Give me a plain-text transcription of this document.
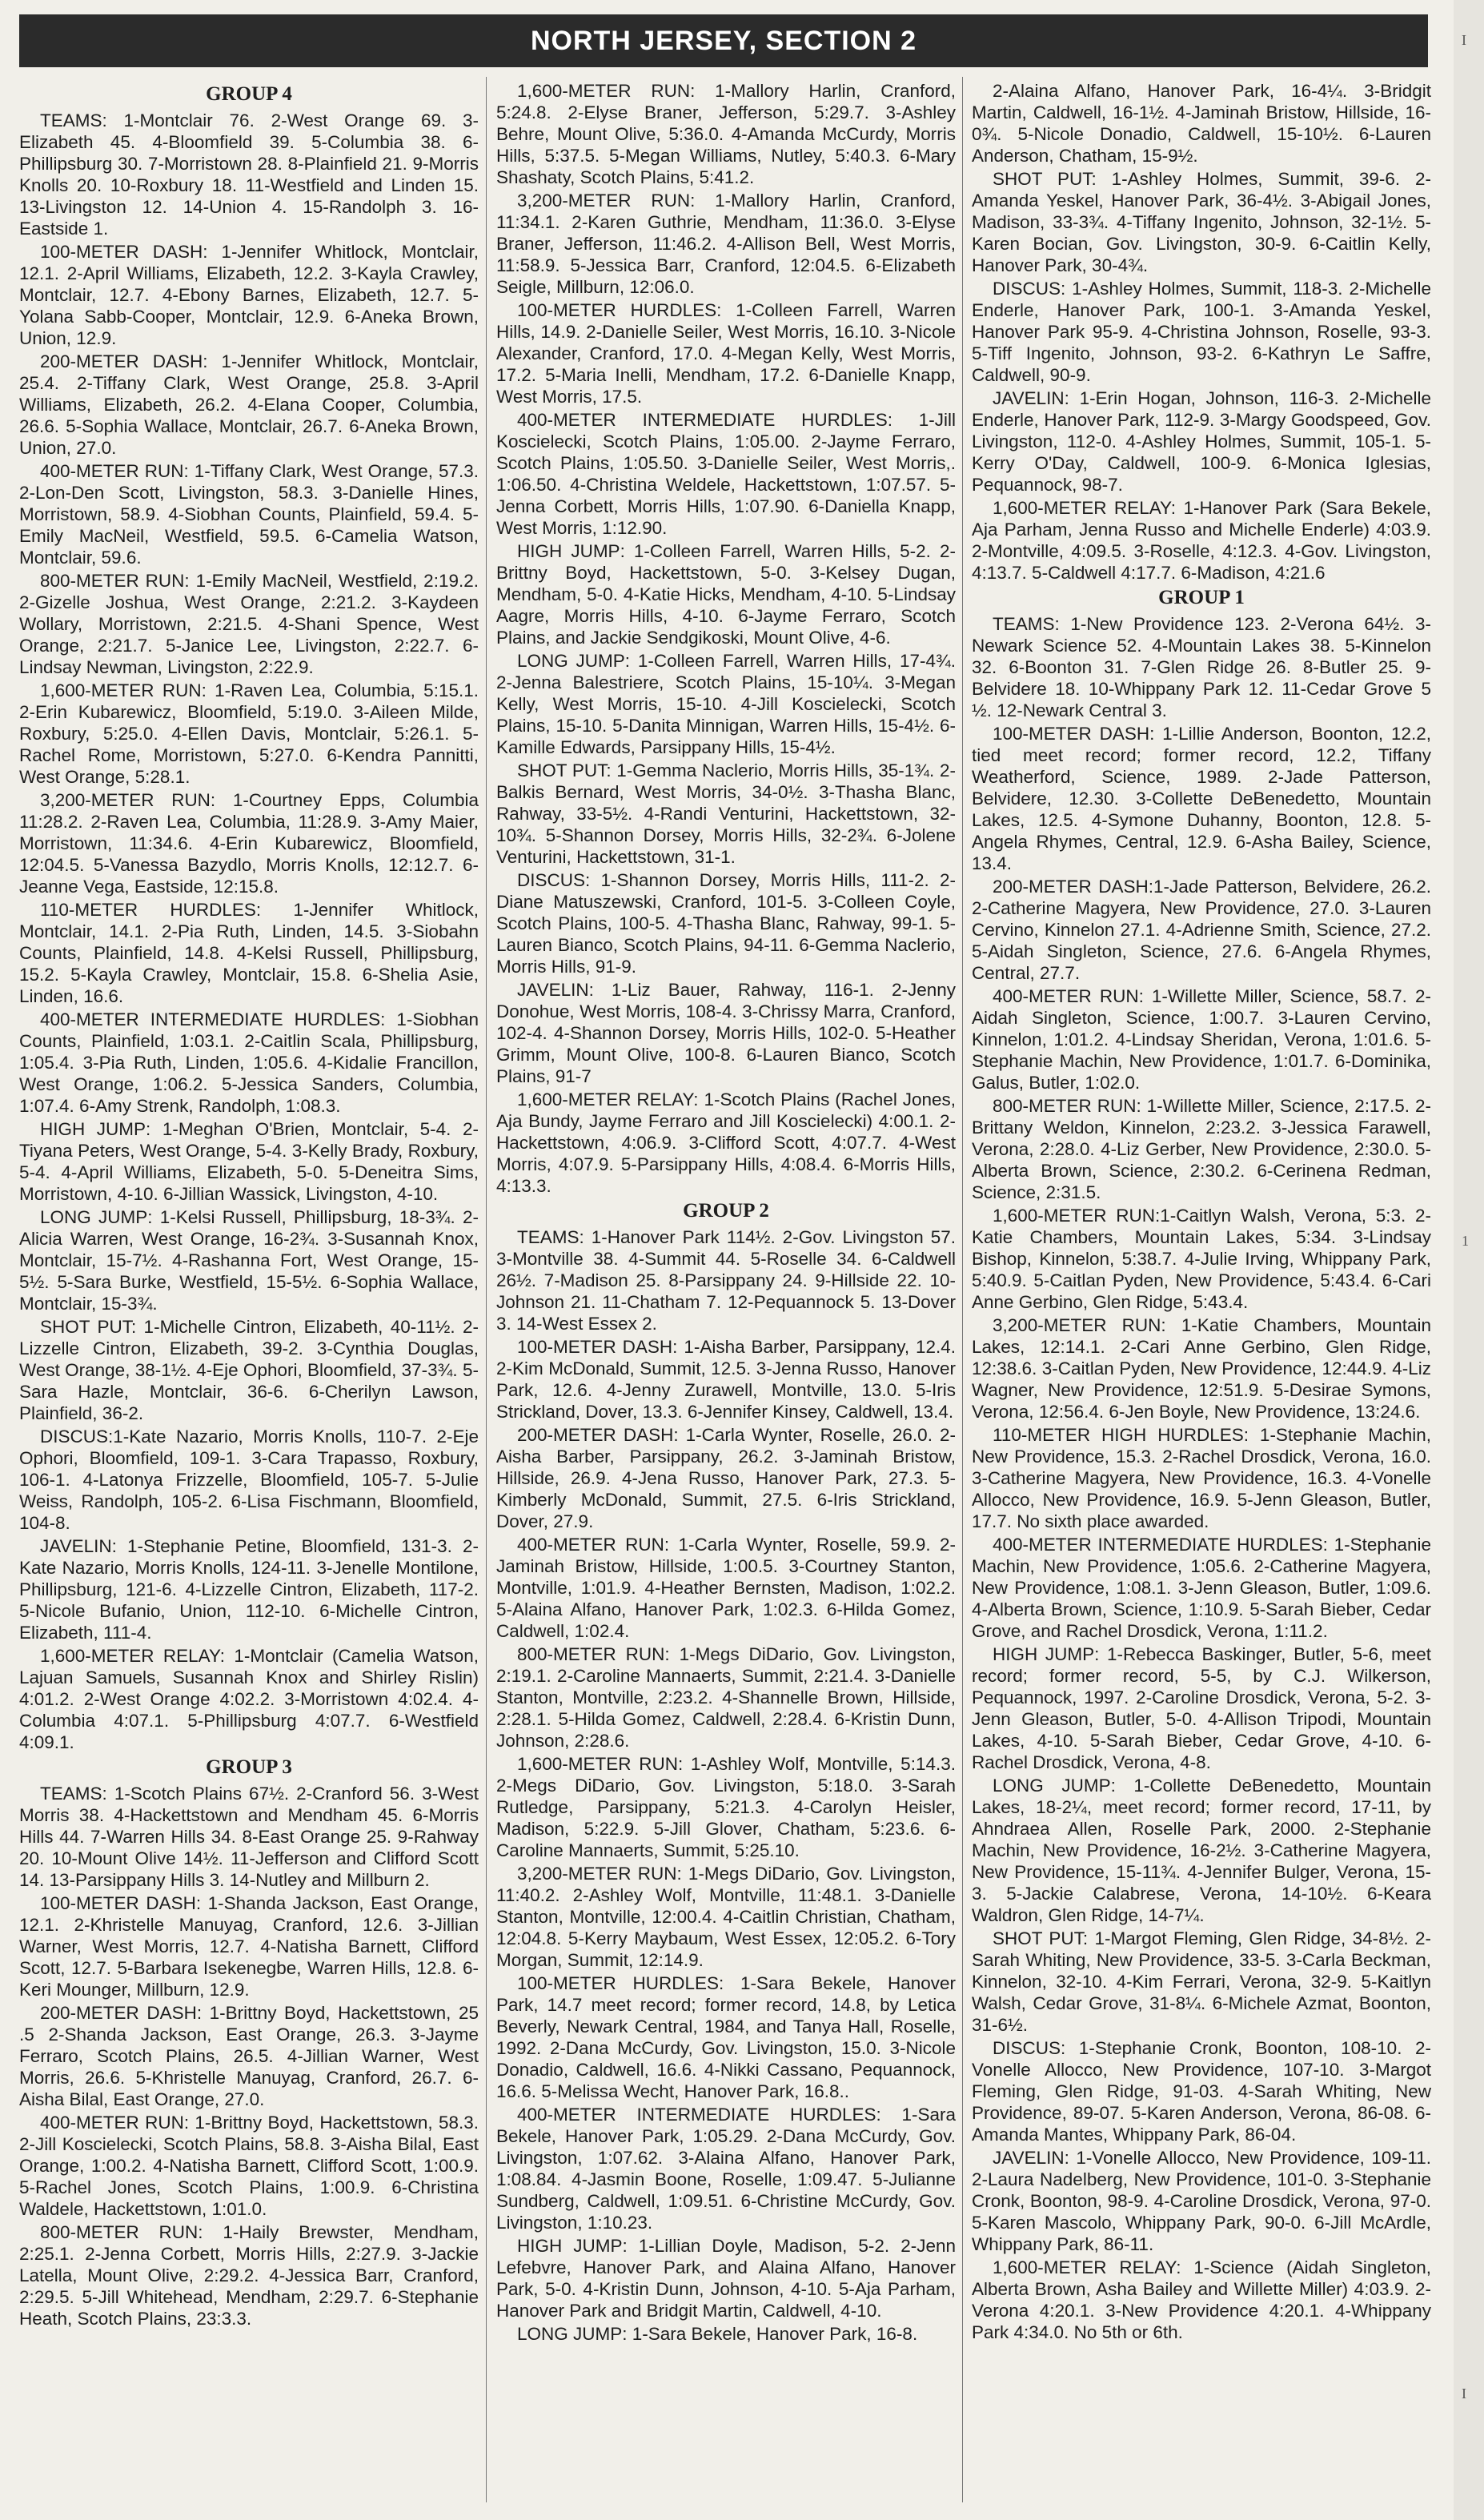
NORTH JERSEY, SECTION 2
GROUP 4
TEAMS: 1-Montclair 76. 2-West Orange 69. 3-Elizabeth 45. 4-Bloomfield 39. 5-Columbia 38. 6-Phillipsburg 30. 7-Morristown 28. 8-Plainfield 21. 9-Morris Knolls 20. 10-Roxbury 18. 11-Westfield and Linden 15. 13-Livingston 12. 14-Union 4. 15-Randolph 3. 16-Eastside 1.
100-METER DASH: 1-Jennifer Whitlock, Montclair, 12.1. 2-April Williams, Elizabeth, 12.2. 3-Kayla Crawley, Montclair, 12.7. 4-Ebony Barnes, Elizabeth, 12.7. 5-Yolana Sabb-Cooper, Montclair, 12.9. 6-Aneka Brown, Union, 12.9.
200-METER DASH: 1-Jennifer Whitlock, Montclair, 25.4. 2-Tiffany Clark, West Orange, 25.8. 3-April Williams, Elizabeth, 26.2. 4-Elana Cooper, Columbia, 26.6. 5-Sophia Wallace, Montclair, 26.7. 6-Aneka Brown, Union, 27.0.
400-METER RUN: 1-Tiffany Clark, West Orange, 57.3. 2-Lon-Den Scott, Livingston, 58.3. 3-Danielle Hines, Morristown, 58.9. 4-Siobhan Counts, Plainfield, 59.4. 5-Emily MacNeil, Westfield, 59.5. 6-Camelia Watson, Montclair, 59.6.
800-METER RUN: 1-Emily MacNeil, Westfield, 2:19.2. 2-Gizelle Joshua, West Orange, 2:21.2. 3-Kaydeen Wollary, Morristown, 2:21.5. 4-Shani Spence, West Orange, 2:21.7. 5-Janice Lee, Livingston, 2:22.7. 6-Lindsay Newman, Livingston, 2:22.9.
1,600-METER RUN: 1-Raven Lea, Columbia, 5:15.1. 2-Erin Kubarewicz, Bloomfield, 5:19.0. 3-Aileen Milde, Roxbury, 5:25.0. 4-Ellen Davis, Montclair, 5:26.1. 5-Rachel Rome, Morristown, 5:27.0. 6-Kendra Pannitti, West Orange, 5:28.1.
3,200-METER RUN: 1-Courtney Epps, Columbia 11:28.2. 2-Raven Lea, Columbia, 11:28.9. 3-Amy Maier, Morristown, 11:34.6. 4-Erin Kubarewicz, Bloomfield, 12:04.5. 5-Vanessa Bazydlo, Morris Knolls, 12:12.7. 6-Jeanne Vega, Eastside, 12:15.8.
110-METER HURDLES: 1-Jennifer Whitlock, Montclair, 14.1. 2-Pia Ruth, Linden, 14.5. 3-Siobahn Counts, Plainfield, 14.8. 4-Kelsi Russell, Phillipsburg, 15.2. 5-Kayla Crawley, Montclair, 15.8. 6-Shelia Asie, Linden, 16.6.
400-METER INTERMEDIATE HURDLES: 1-Siobhan Counts, Plainfield, 1:03.1. 2-Caitlin Scala, Phillipsburg, 1:05.4. 3-Pia Ruth, Linden, 1:05.6. 4-Kidalie Francillon, West Orange, 1:06.2. 5-Jessica Sanders, Columbia, 1:07.4. 6-Amy Strenk, Randolph, 1:08.3.
HIGH JUMP: 1-Meghan O'Brien, Montclair, 5-4. 2-Tiyana Peters, West Orange, 5-4. 3-Kelly Brady, Roxbury, 5-4. 4-April Williams, Elizabeth, 5-0. 5-Deneitra Sims, Morristown, 4-10. 6-Jillian Wassick, Livingston, 4-10.
LONG JUMP: 1-Kelsi Russell, Phillipsburg, 18-3¾. 2-Alicia Warren, West Orange, 16-2¾. 3-Susannah Knox, Montclair, 15-7½. 4-Rashanna Fort, West Orange, 15-5½. 5-Sara Burke, Westfield, 15-5½. 6-Sophia Wallace, Montclair, 15-3¾.
SHOT PUT: 1-Michelle Cintron, Elizabeth, 40-11½. 2-Lizzelle Cintron, Elizabeth, 39-2. 3-Cynthia Douglas, West Orange, 38-1½. 4-Eje Ophori, Bloomfield, 37-3¾. 5-Sara Hazle, Montclair, 36-6. 6-Cherilyn Lawson, Plainfield, 36-2.
DISCUS:1-Kate Nazario, Morris Knolls, 110-7. 2-Eje Ophori, Bloomfield, 109-1. 3-Cara Trapasso, Roxbury, 106-1. 4-Latonya Frizzelle, Bloomfield, 105-7. 5-Julie Weiss, Randolph, 105-2. 6-Lisa Fischmann, Bloomfield, 104-8.
JAVELIN: 1-Stephanie Petine, Bloomfield, 131-3. 2-Kate Nazario, Morris Knolls, 124-11. 3-Jenelle Montilone, Phillipsburg, 121-6. 4-Lizzelle Cintron, Elizabeth, 117-2. 5-Nicole Bufanio, Union, 112-10. 6-Michelle Cintron, Elizabeth, 111-4.
1,600-METER RELAY: 1-Montclair (Camelia Watson, Lajuan Samuels, Susannah Knox and Shirley Rislin) 4:01.2. 2-West Orange 4:02.2. 3-Morristown 4:02.4. 4-Columbia 4:07.1. 5-Phillipsburg 4:07.7. 6-Westfield 4:09.1.
GROUP 3
TEAMS: 1-Scotch Plains 67½. 2-Cranford 56. 3-West Morris 38. 4-Hackettstown and Mendham 45. 6-Morris Hills 44. 7-Warren Hills 34. 8-East Orange 25. 9-Rahway 20. 10-Mount Olive 14½. 11-Jefferson and Clifford Scott 14. 13-Parsippany Hills 3. 14-Nutley and Millburn 2.
100-METER DASH: 1-Shanda Jackson, East Orange, 12.1. 2-Khristelle Manuyag, Cranford, 12.6. 3-Jillian Warner, West Morris, 12.7. 4-Natisha Barnett, Clifford Scott, 12.7. 5-Barbara Isekenegbe, Warren Hills, 12.8. 6-Keri Mounger, Millburn, 12.9.
200-METER DASH: 1-Brittny Boyd, Hackettstown, 25 .5 2-Shanda Jackson, East Orange, 26.3. 3-Jayme Ferraro, Scotch Plains, 26.5. 4-Jillian Warner, West Morris, 26.6. 5-Khristelle Manuyag, Cranford, 26.7. 6-Aisha Bilal, East Orange, 27.0.
400-METER RUN: 1-Brittny Boyd, Hackettstown, 58.3. 2-Jill Koscielecki, Scotch Plains, 58.8. 3-Aisha Bilal, East Orange, 1:00.2. 4-Natisha Barnett, Clifford Scott, 1:00.9. 5-Rachel Jones, Scotch Plains, 1:00.9. 6-Christina Waldele, Hackettstown, 1:01.0.
800-METER RUN: 1-Haily Brewster, Mendham, 2:25.1. 2-Jenna Corbett, Morris Hills, 2:27.9. 3-Jackie Latella, Mount Olive, 2:29.2. 4-Jessica Barr, Cranford, 2:29.5. 5-Jill Whitehead, Mendham, 2:29.7. 6-Stephanie Heath, Scotch Plains, 23:3.3.
1,600-METER RUN: 1-Mallory Harlin, Cranford, 5:24.8. 2-Elyse Braner, Jefferson, 5:29.7. 3-Ashley Behre, Mount Olive, 5:36.0. 4-Amanda McCurdy, Morris Hills, 5:37.5. 5-Megan Williams, Nutley, 5:40.3. 6-Mary Shashaty, Scotch Plains, 5:41.2.
3,200-METER RUN: 1-Mallory Harlin, Cranford, 11:34.1. 2-Karen Guthrie, Mendham, 11:36.0. 3-Elyse Braner, Jefferson, 11:46.2. 4-Allison Bell, West Morris, 11:58.9. 5-Jessica Barr, Cranford, 12:04.5. 6-Elizabeth Seigle, Millburn, 12:06.0.
100-METER HURDLES: 1-Colleen Farrell, Warren Hills, 14.9. 2-Danielle Seiler, West Morris, 16.10. 3-Nicole Alexander, Cranford, 17.0. 4-Megan Kelly, West Morris, 17.2. 5-Maria Inelli, Mendham, 17.2. 6-Danielle Knapp, West Morris, 17.5.
400-METER INTERMEDIATE HURDLES: 1-Jill Koscielecki, Scotch Plains, 1:05.00. 2-Jayme Ferraro, Scotch Plains, 1:05.50. 3-Danielle Seiler, West Morris,. 1:06.50. 4-Christina Weldele, Hackettstown, 1:07.57. 5-Jenna Corbett, Morris Hills, 1:07.90. 6-Daniella Knapp, West Morris, 1:12.90.
HIGH JUMP: 1-Colleen Farrell, Warren Hills, 5-2. 2-Brittny Boyd, Hackettstown, 5-0. 3-Kelsey Dugan, Mendham, 5-0. 4-Katie Hicks, Mendham, 4-10. 5-Lindsay Aagre, Morris Hills, 4-10. 6-Jayme Ferraro, Scotch Plains, and Jackie Sendgikoski, Mount Olive, 4-6.
LONG JUMP: 1-Colleen Farrell, Warren Hills, 17-4¾. 2-Jenna Balestriere, Scotch Plains, 15-10¼. 3-Megan Kelly, West Morris, 15-10. 4-Jill Koscielecki, Scotch Plains, 15-10. 5-Danita Minnigan, Warren Hills, 15-4½. 6-Kamille Edwards, Parsippany Hills, 15-4½.
SHOT PUT: 1-Gemma Naclerio, Morris Hills, 35-1¾. 2-Balkis Bernard, West Morris, 34-0½. 3-Thasha Blanc, Rahway, 33-5½. 4-Randi Venturini, Hackettstown, 32-10¾. 5-Shannon Dorsey, Morris Hills, 32-2¾. 6-Jolene Venturini, Hackettstown, 31-1.
DISCUS: 1-Shannon Dorsey, Morris Hills, 111-2. 2-Diane Matuszewski, Cranford, 101-5. 3-Colleen Coyle, Scotch Plains, 100-5. 4-Thasha Blanc, Rahway, 99-1. 5-Lauren Bianco, Scotch Plains, 94-11. 6-Gemma Naclerio, Morris Hills, 91-9.
JAVELIN: 1-Liz Bauer, Rahway, 116-1. 2-Jenny Donohue, West Morris, 108-4. 3-Chrissy Marra, Cranford, 102-4. 4-Shannon Dorsey, Morris Hills, 102-0. 5-Heather Grimm, Mount Olive, 100-8. 6-Lauren Bianco, Scotch Plains, 91-7
1,600-METER RELAY: 1-Scotch Plains (Rachel Jones, Aja Bundy, Jayme Ferraro and Jill Koscielecki) 4:00.1. 2-Hackettstown, 4:06.9. 3-Clifford Scott, 4:07.7. 4-West Morris, 4:07.9. 5-Parsippany Hills, 4:08.4. 6-Morris Hills, 4:13.3.
GROUP 2
TEAMS: 1-Hanover Park 114½. 2-Gov. Livingston 57. 3-Montville 38. 4-Summit 44. 5-Roselle 34. 6-Caldwell 26½. 7-Madison 25. 8-Parsippany 24. 9-Hillside 22. 10-Johnson 21. 11-Chatham 7. 12-Pequannock 5. 13-Dover 3. 14-West Essex 2.
100-METER DASH: 1-Aisha Barber, Parsippany, 12.4. 2-Kim McDonald, Summit, 12.5. 3-Jenna Russo, Hanover Park, 12.6. 4-Jenny Zurawell, Montville, 13.0. 5-Iris Strickland, Dover, 13.3. 6-Jennifer Kinsey, Caldwell, 13.4.
200-METER DASH: 1-Carla Wynter, Roselle, 26.0. 2-Aisha Barber, Parsippany, 26.2. 3-Jaminah Bristow, Hillside, 26.9. 4-Jena Russo, Hanover Park, 27.3. 5-Kimberly McDonald, Summit, 27.5. 6-Iris Strickland, Dover, 27.9.
400-METER RUN: 1-Carla Wynter, Roselle, 59.9. 2-Jaminah Bristow, Hillside, 1:00.5. 3-Courtney Stanton, Montville, 1:01.9. 4-Heather Bernsten, Madison, 1:02.2. 5-Alaina Alfano, Hanover Park, 1:02.3. 6-Hilda Gomez, Caldwell, 1:02.4.
800-METER RUN: 1-Megs DiDario, Gov. Livingston, 2:19.1. 2-Caroline Mannaerts, Summit, 2:21.4. 3-Danielle Stanton, Montville, 2:23.2. 4-Shannelle Brown, Hillside, 2:28.1. 5-Hilda Gomez, Caldwell, 2:28.4. 6-Kristin Dunn, Johnson, 2:28.6.
1,600-METER RUN: 1-Ashley Wolf, Montville, 5:14.3. 2-Megs DiDario, Gov. Livingston, 5:18.0. 3-Sarah Rutledge, Parsippany, 5:21.3. 4-Carolyn Heisler, Madison, 5:22.9. 5-Jill Glover, Chatham, 5:23.6. 6-Caroline Mannaerts, Summit, 5:25.10.
3,200-METER RUN: 1-Megs DiDario, Gov. Livingston, 11:40.2. 2-Ashley Wolf, Montville, 11:48.1. 3-Danielle Stanton, Montville, 12:00.4. 4-Caitlin Christian, Chatham, 12:04.8. 5-Kerry Maybaum, West Essex, 12:05.2. 6-Tory Morgan, Summit, 12:14.9.
100-METER HURDLES: 1-Sara Bekele, Hanover Park, 14.7 meet record; former record, 14.8, by Letica Beverly, Newark Central, 1984, and Tanya Hall, Roselle, 1992. 2-Dana McCurdy, Gov. Livingston, 15.0. 3-Nicole Donadio, Caldwell, 16.6. 4-Nikki Cassano, Pequannock, 16.6. 5-Melissa Wecht, Hanover Park, 16.8..
400-METER INTERMEDIATE HURDLES: 1-Sara Bekele, Hanover Park, 1:05.29. 2-Dana McCurdy, Gov. Livingston, 1:07.62. 3-Alaina Alfano, Hanover Park, 1:08.84. 4-Jasmin Boone, Roselle, 1:09.47. 5-Julianne Sundberg, Caldwell, 1:09.51. 6-Christine McCurdy, Gov. Livingston, 1:10.23.
HIGH JUMP: 1-Lillian Doyle, Madison, 5-2. 2-Jenn Lefebvre, Hanover Park, and Alaina Alfano, Hanover Park, 5-0. 4-Kristin Dunn, Johnson, 4-10. 5-Aja Parham, Hanover Park and Bridgit Martin, Caldwell, 4-10.
LONG JUMP: 1-Sara Bekele, Hanover Park, 16-8.
2-Alaina Alfano, Hanover Park, 16-4¼. 3-Bridgit Martin, Caldwell, 16-1½. 4-Jaminah Bristow, Hillside, 16-0¾. 5-Nicole Donadio, Caldwell, 15-10½. 6-Lauren Anderson, Chatham, 15-9½.
SHOT PUT: 1-Ashley Holmes, Summit, 39-6. 2-Amanda Yeskel, Hanover Park, 36-4½. 3-Abigail Jones, Madison, 33-3¾. 4-Tiffany Ingenito, Johnson, 32-1½. 5-Karen Bocian, Gov. Livingston, 30-9. 6-Caitlin Kelly, Hanover Park, 30-4¾.
DISCUS: 1-Ashley Holmes, Summit, 118-3. 2-Michelle Enderle, Hanover Park, 100-1. 3-Amanda Yeskel, Hanover Park 95-9. 4-Christina Johnson, Roselle, 93-3. 5-Tiff Ingenito, Johnson, 93-2. 6-Kathryn Le Saffre, Caldwell, 90-9.
JAVELIN: 1-Erin Hogan, Johnson, 116-3. 2-Michelle Enderle, Hanover Park, 112-9. 3-Margy Goodspeed, Gov. Livingston, 112-0. 4-Ashley Holmes, Summit, 105-1. 5-Kerry O'Day, Caldwell, 100-9. 6-Monica Iglesias, Pequannock, 98-7.
1,600-METER RELAY: 1-Hanover Park (Sara Bekele, Aja Parham, Jenna Russo and Michelle Enderle) 4:03.9. 2-Montville, 4:09.5. 3-Roselle, 4:12.3. 4-Gov. Livingston, 4:13.7. 5-Caldwell 4:17.7. 6-Madison, 4:21.6
GROUP 1
TEAMS: 1-New Providence 123. 2-Verona 64½. 3-Newark Science 52. 4-Mountain Lakes 38. 5-Kinnelon 32. 6-Boonton 31. 7-Glen Ridge 26. 8-Butler 25. 9-Belvidere 18. 10-Whippany Park 12. 11-Cedar Grove 5 ½. 12-Newark Central 3.
100-METER DASH: 1-Lillie Anderson, Boonton, 12.2, tied meet record; former record, 12.2, Tiffany Weatherford, Science, 1989. 2-Jade Patterson, Belvidere, 12.30. 3-Collette DeBenedetto, Mountain Lakes, 12.5. 4-Symone Duhanny, Boonton, 12.8. 5-Angela Rhymes, Central, 12.9. 6-Asha Bailey, Science, 13.4.
200-METER DASH:1-Jade Patterson, Belvidere, 26.2. 2-Catherine Magyera, New Providence, 27.0. 3-Lauren Cervino, Kinnelon 27.1. 4-Adrienne Smith, Science, 27.2. 5-Aidah Singleton, Science, 27.6. 6-Angela Rhymes, Central, 27.7.
400-METER RUN: 1-Willette Miller, Science, 58.7. 2-Aidah Singleton, Science, 1:00.7. 3-Lauren Cervino, Kinnelon, 1:01.2. 4-Lindsay Sheridan, Verona, 1:01.6. 5-Stephanie Machin, New Providence, 1:01.7. 6-Dominika, Galus, Butler, 1:02.0.
800-METER RUN: 1-Willette Miller, Science, 2:17.5. 2-Brittany Weldon, Kinnelon, 2:23.2. 3-Jessica Farawell, Verona, 2:28.0. 4-Liz Gerber, New Providence, 2:30.0. 5-Alberta Brown, Science, 2:30.2. 6-Cerinena Redman, Science, 2:31.5.
1,600-METER RUN:1-Caitlyn Walsh, Verona, 5:3. 2-Katie Chambers, Mountain Lakes, 5:34. 3-Lindsay Bishop, Kinnelon, 5:38.7. 4-Julie Irving, Whippany Park, 5:40.9. 5-Caitlan Pyden, New Providence, 5:43.4. 6-Cari Anne Gerbino, Glen Ridge, 5:43.4.
3,200-METER RUN: 1-Katie Chambers, Mountain Lakes, 12:14.1. 2-Cari Anne Gerbino, Glen Ridge, 12:38.6. 3-Caitlan Pyden, New Providence, 12:44.9. 4-Liz Wagner, New Providence, 12:51.9. 5-Desirae Symons, Verona, 12:56.4. 6-Jen Boyle, New Providence, 13:24.6.
110-METER HIGH HURDLES: 1-Stephanie Machin, New Providence, 15.3. 2-Rachel Drosdick, Verona, 16.0. 3-Catherine Magyera, New Providence, 16.3. 4-Vonelle Allocco, New Providence, 16.9. 5-Jenn Gleason, Butler, 17.7. No sixth place awarded.
400-METER INTERMEDIATE HURDLES: 1-Stephanie Machin, New Providence, 1:05.6. 2-Catherine Magyera, New Providence, 1:08.1. 3-Jenn Gleason, Butler, 1:09.6. 4-Alberta Brown, Science, 1:10.9. 5-Sarah Bieber, Cedar Grove, and Rachel Drosdick, Verona, 1:11.2.
HIGH JUMP: 1-Rebecca Baskinger, Butler, 5-6, meet record; former record, 5-5, by C.J. Wilkerson, Pequannock, 1997. 2-Caroline Drosdick, Verona, 5-2. 3-Jenn Gleason, Butler, 5-0. 4-Allison Tripodi, Mountain Lakes, 4-10. 5-Sarah Bieber, Cedar Grove, 4-10. 6-Rachel Drosdick, Verona, 4-8.
LONG JUMP: 1-Collette DeBenedetto, Mountain Lakes, 18-2¼, meet record; former record, 17-11, by Ahndraea Allen, Roselle Park, 2000. 2-Stephanie Machin, New Providence, 16-2½. 3-Catherine Magyera, New Providence, 15-11¾. 4-Jennifer Bulger, Verona, 15-3. 5-Jackie Calabrese, Verona, 14-10½. 6-Keara Waldron, Glen Ridge, 14-7¼.
SHOT PUT: 1-Margot Fleming, Glen Ridge, 34-8½. 2-Sarah Whiting, New Providence, 33-5. 3-Carla Beckman, Kinnelon, 32-10. 4-Kim Ferrari, Verona, 32-9. 5-Kaitlyn Walsh, Cedar Grove, 31-8¼. 6-Michele Azmat, Boonton, 31-6½.
DISCUS: 1-Stephanie Cronk, Boonton, 108-10. 2-Vonelle Allocco, New Providence, 107-10. 3-Margot Fleming, Glen Ridge, 91-03. 4-Sarah Whiting, New Providence, 89-07. 5-Karen Anderson, Verona, 86-08. 6-Amanda Mantes, Whippany Park, 86-04.
JAVELIN: 1-Vonelle Allocco, New Providence, 109-11. 2-Laura Nadelberg, New Providence, 101-0. 3-Stephanie Cronk, Boonton, 98-9. 4-Caroline Drosdick, Verona, 97-0. 5-Karen Mascolo, Whippany Park, 90-0. 6-Jill McArdle, Whippany Park, 86-11.
1,600-METER RELAY: 1-Science (Aidah Singleton, Alberta Brown, Asha Bailey and Willette Miller) 4:03.9. 2-Verona 4:20.1. 3-New Providence 4:20.1. 4-Whippany Park 4:34.0. No 5th or 6th.
I
1
I
